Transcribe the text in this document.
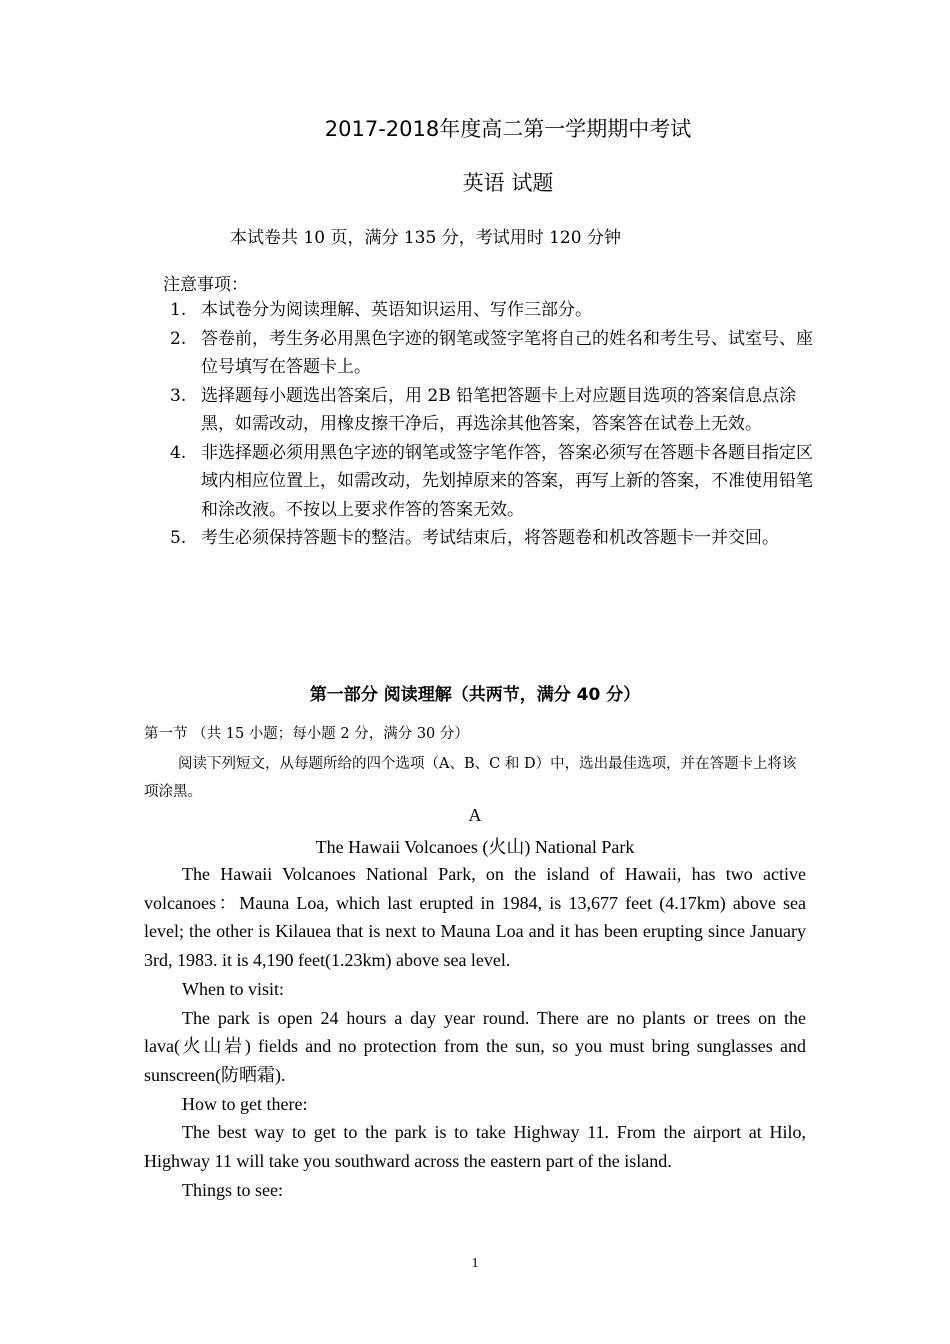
2017-2018年度高二第一学期期中考试
英语 试题
本试卷共 10 页，满分 135 分，考试用时 120 分钟
注意事项：
1. 本试卷分为阅读理解、英语知识运用、写作三部分。
2. 答卷前，考生务必用黑色字迹的钢笔或签字笔将自己的姓名和考生号、试室号、座位号填写在答题卡上。
3. 选择题每小题选出答案后，用 2B 铅笔把答题卡上对应题目选项的答案信息点涂黑，如需改动，用橡皮擦干净后，再选涂其他答案，答案答在试卷上无效。
4. 非选择题必须用黑色字迹的钢笔或签字笔作答，答案必须写在答题卡各题目指定区域内相应位置上，如需改动，先划掉原来的答案，再写上新的答案，不准使用铅笔和涂改液。不按以上要求作答的答案无效。
5. 考生必须保持答题卡的整洁。考试结束后，将答题卷和机改答题卡一并交回。
第一部分 阅读理解（共两节，满分 40 分）
第一节 （共 15 小题；每小题 2 分，满分 30 分）
阅读下列短文，从每题所给的四个选项（A、B、C 和 D）中，选出最佳选项，并在答题卡上将该项涂黑。
A
The Hawaii Volcanoes (火山) National Park

The Hawaii Volcanoes National Park, on the island of Hawaii, has two active volcanoes：Mauna Loa, which last erupted in 1984, is 13,677 feet (4.17km) above sea level; the other is Kilauea that is next to Mauna Loa and it has been erupting since January 3rd, 1983. it is 4,190 feet(1.23km) above sea level.

When to visit:

The park is open 24 hours a day year round. There are no plants or trees on the lava(火山岩) fields and no protection from the sun, so you must bring sunglasses and sunscreen(防晒霜).

How to get there:

The best way to get to the park is to take Highway 11. From the airport at Hilo, Highway 11 will take you southward across the eastern part of the island.

Things to see:

1
